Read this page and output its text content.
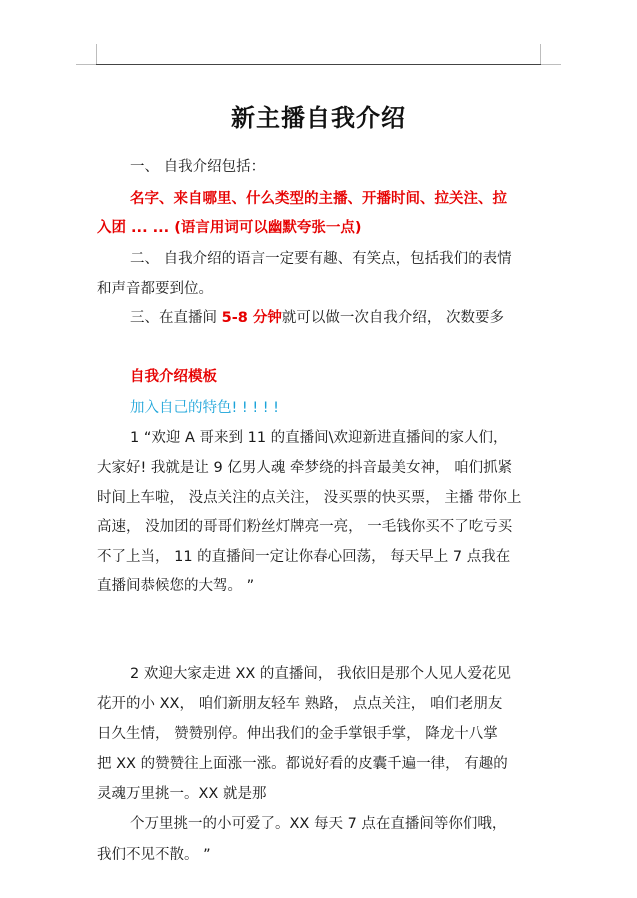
新主播自我介绍
一、 自我介绍包括：
名字、来自哪里、什么类型的主播、开播时间、拉关注、拉
入团 ... ... (语言用词可以幽默夸张一点)
二、 自我介绍的语言一定要有趣、有笑点，包括我们的表情
和声音都要到位。
三、在直播间 5-8 分钟就可以做一次自我介绍， 次数要多
自我介绍模板
加入自己的特色! ! ! ! !
1 “欢迎 A 哥来到 11 的直播间\欢迎新进直播间的家人们，
大家好! 我就是让 9 亿男人魂 牵梦绕的抖音最美女神， 咱们抓紧
时间上车啦， 没点关注的点关注， 没买票的快买票， 主播 带你上
高速， 没加团的哥哥们粉丝灯牌亮一亮， 一毛钱你买不了吃亏买
不了上当， 11 的直播间一定让你春心回荡， 每天早上 7 点我在
直播间恭候您的大驾。 ”
2 欢迎大家走进 XX 的直播间， 我依旧是那个人见人爱花见
花开的小 XX， 咱们新朋友轻车 熟路， 点点关注， 咱们老朋友
日久生情， 赞赞别停。伸出我们的金手掌银手掌， 降龙十八掌
把 XX 的赞赞往上面涨一涨。都说好看的皮囊千遍一律， 有趣的
灵魂万里挑一。XX 就是那
个万里挑一的小可爱了。XX 每天 7 点在直播间等你们哦，
我们不见不散。 ”
